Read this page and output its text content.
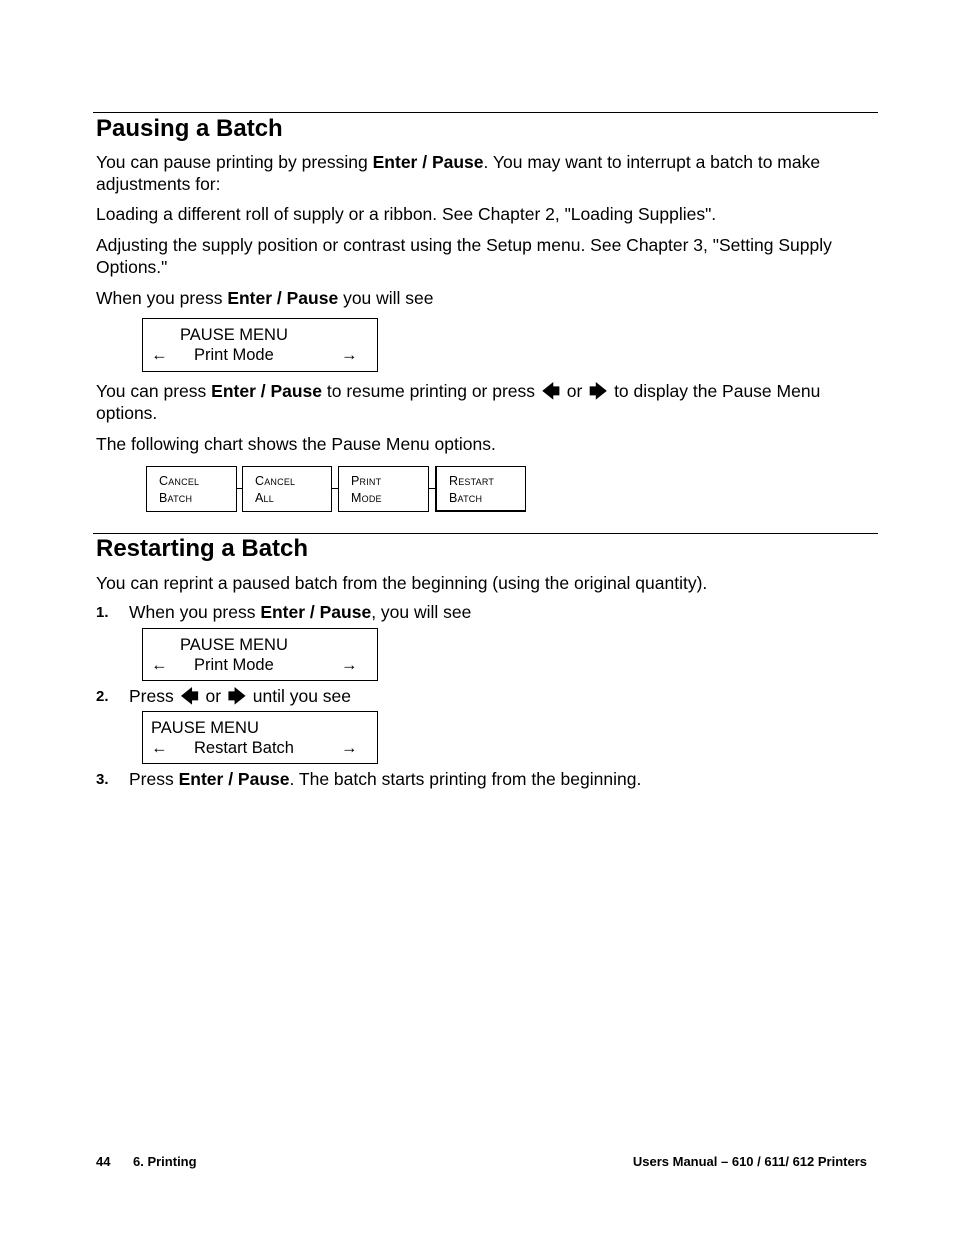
Pausing a Batch

You can pause printing by pressing Enter / Pause. You may want to interrupt a batch to make adjustments for:

Loading a different roll of supply or a ribbon. See Chapter 2, "Loading Supplies".

Adjusting the supply position or contrast using the Setup menu. See Chapter 3, "Setting Supply Options."

When you press Enter / Pause you will see

PAUSE MENU
← Print Mode	→

You can press Enter / Pause to resume printing or press 🡄 or 🡆 to display the Pause Menu options.

The following chart shows the Pause Menu options.

Cancel
Batch
Cancel
All
Print
Mode
Restart
Batch
Restarting a Batch

You can reprint a paused batch from the beginning (using the original quantity).

1. When you press Enter / Pause, you will see
PAUSE MENU
← Print Mode	→
2. Press 🡄 or 🡆 until you see
PAUSE MENU
← Restart Batch	→
3. Press Enter / Pause. The batch starts printing from the beginning.
44 6. Printing	Users Manual – 610 / 611/ 612 Printers
